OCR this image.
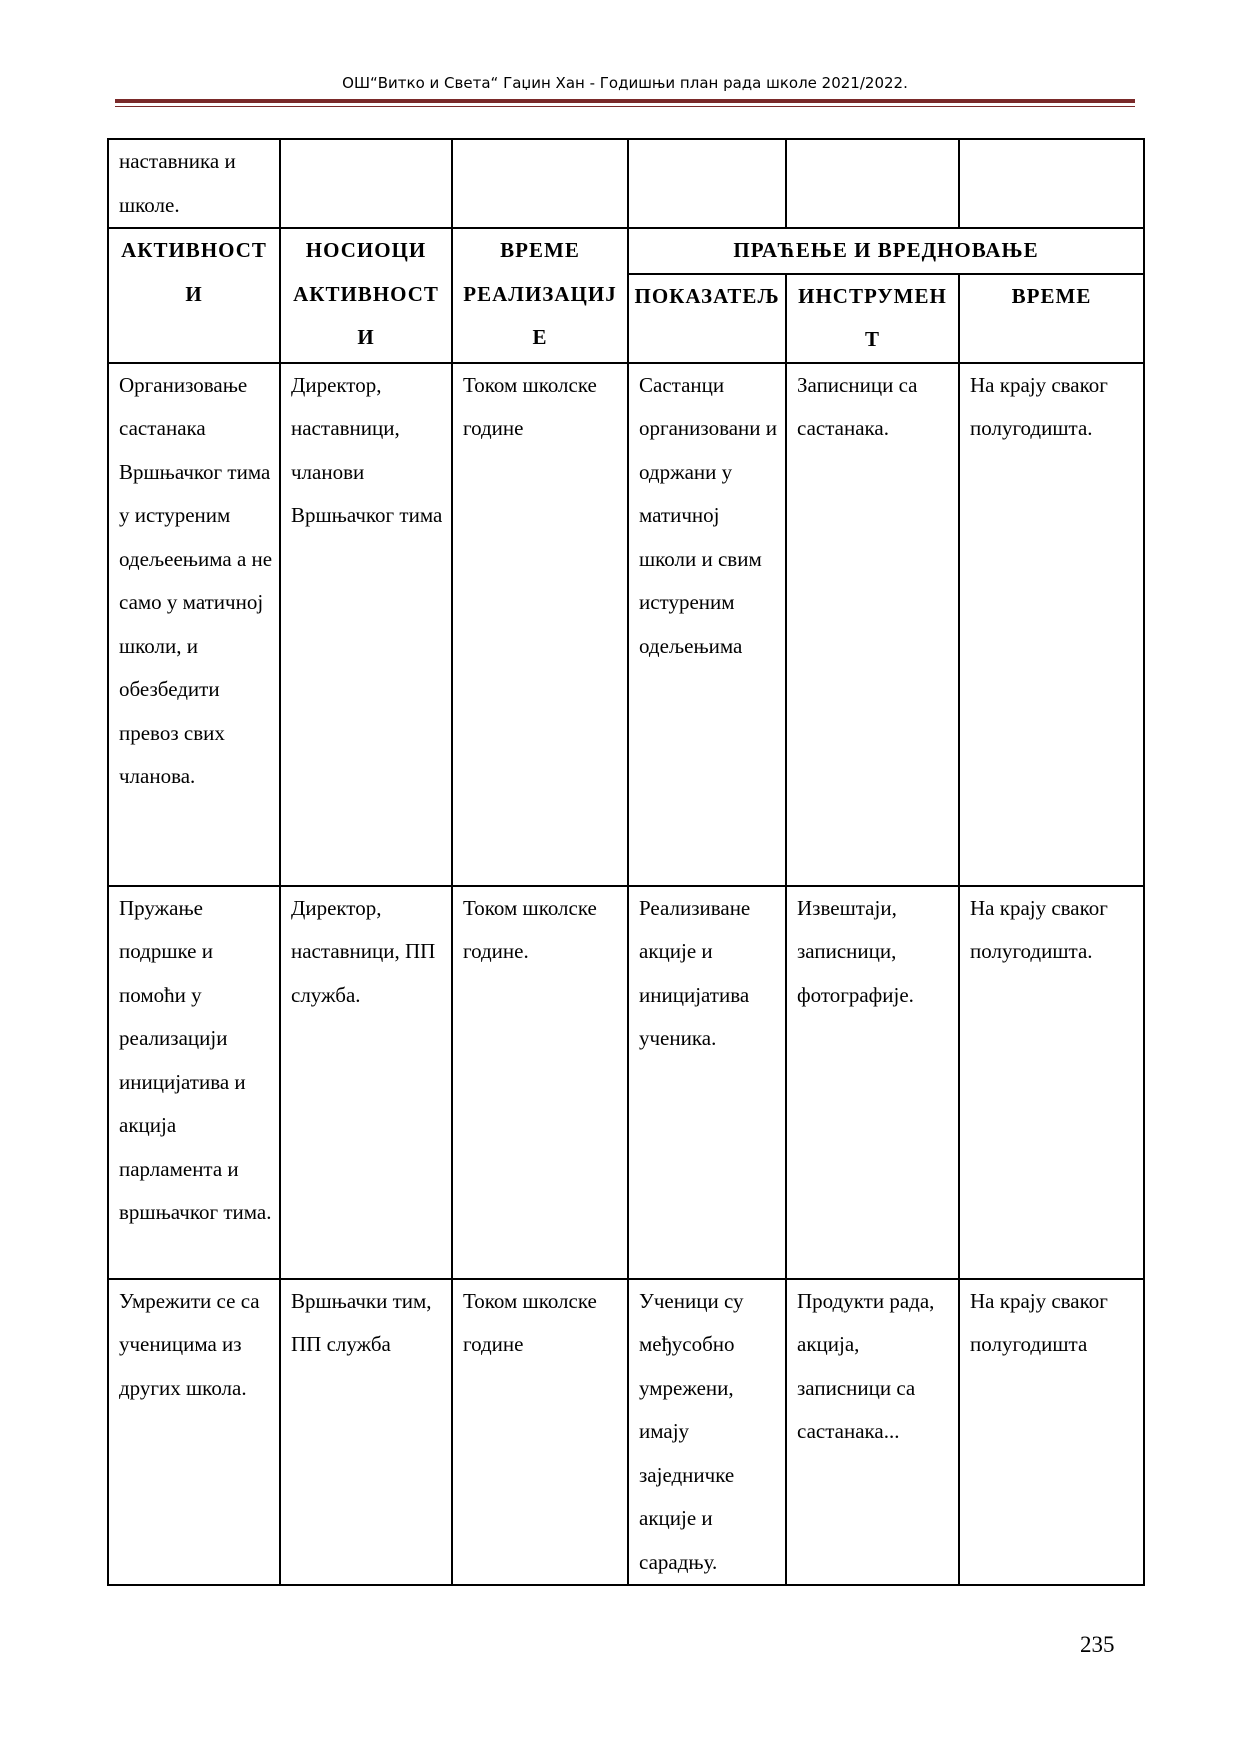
ОШ“Витко и Света“ Гаџин Хан - Годишњи план рада школе 2021/2022.
наставника и школе.					
АКТИВНОСТИ	НОСИОЦИ АКТИВНОСТИ	ВРЕМЕ РЕАЛИЗАЦИЈЕ	ПРАЋЕЊЕ И ВРЕДНОВАЊЕ		
			ПОКАЗАТЕЉ	ИНСТРУМЕНТ	ВРЕМЕ
Организовање састанака Вршњачког тима у истуреним одељеењима а не само у матичној школи, и обезбедити превоз свих чланова.	Директор, наставници, чланови Вршњачког тима	Током школске године	Састанци организовани и одржани у матичној школи и свим истуреним одељењима	Записници са састанака.	На крају сваког полугодишта.
Пружање подршке и помоћи у реализацији иницијатива и акција парламента и вршњачког тима.	Директор, наставници, ПП служба.	Током школске године.	Реализиване акције и иницијатива ученика.	Извештаји, записници, фотографије.	На крају сваког полугодишта.
Умрежити се са ученицима из других школа.	Вршњачки тим, ПП служба	Током школске године	Ученици су међусобно умрежени, имају заједничке акције и сарадњу.	Продукти рада, акција, записници са састанака...	На крају сваког полугодишта
235
